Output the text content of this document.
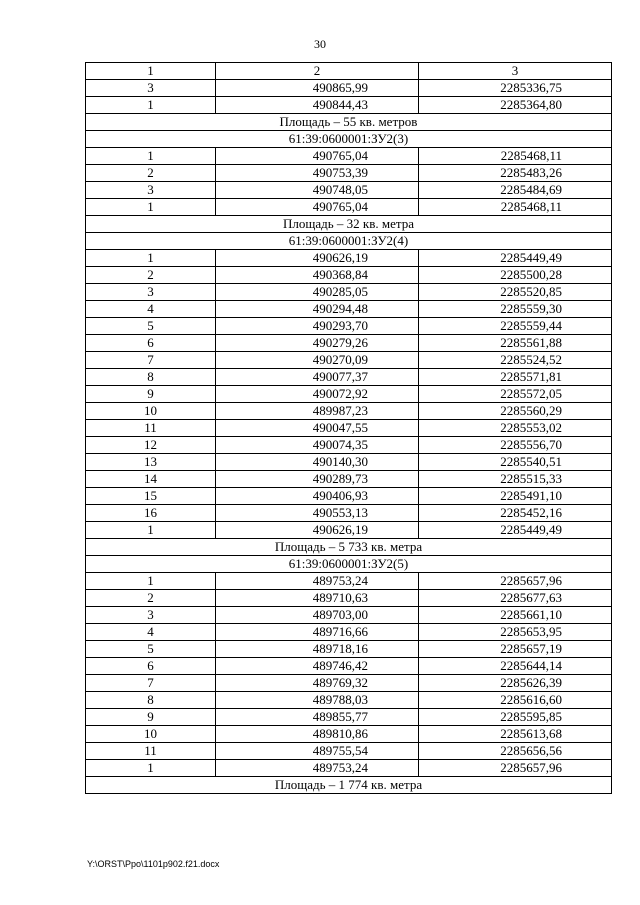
30
1	2	3
3	490865,99	2285336,75
1	490844,43	2285364,80
Площадь – 55 кв. метров		
61:39:0600001:ЗУ2(3)		
1	490765,04	2285468,11
2	490753,39	2285483,26
3	490748,05	2285484,69
1	490765,04	2285468,11
Площадь – 32 кв. метра		
61:39:0600001:ЗУ2(4)		
1	490626,19	2285449,49
2	490368,84	2285500,28
3	490285,05	2285520,85
4	490294,48	2285559,30
5	490293,70	2285559,44
6	490279,26	2285561,88
7	490270,09	2285524,52
8	490077,37	2285571,81
9	490072,92	2285572,05
10	489987,23	2285560,29
11	490047,55	2285553,02
12	490074,35	2285556,70
13	490140,30	2285540,51
14	490289,73	2285515,33
15	490406,93	2285491,10
16	490553,13	2285452,16
1	490626,19	2285449,49
Площадь – 5 733 кв. метра		
61:39:0600001:ЗУ2(5)		
1	489753,24	2285657,96
2	489710,63	2285677,63
3	489703,00	2285661,10
4	489716,66	2285653,95
5	489718,16	2285657,19
6	489746,42	2285644,14
7	489769,32	2285626,39
8	489788,03	2285616,60
9	489855,77	2285595,85
10	489810,86	2285613,68
11	489755,54	2285656,56
1	489753,24	2285657,96
Площадь – 1 774 кв. метра		
Y:\ORST\Ppo\1101p902.f21.docx
